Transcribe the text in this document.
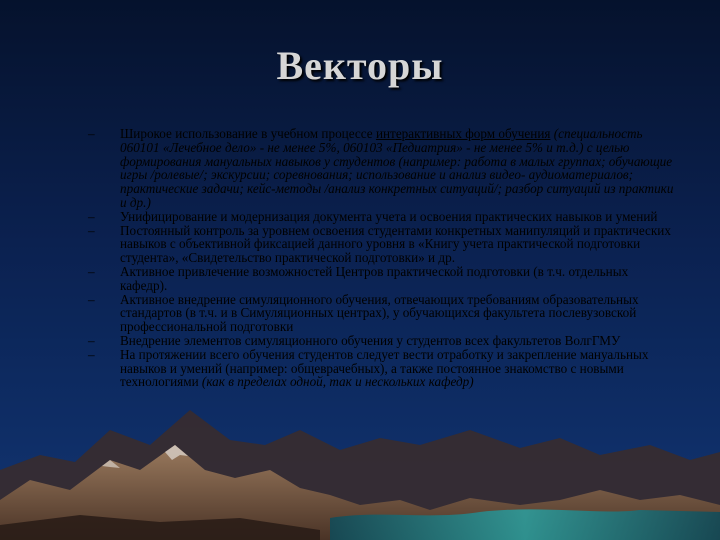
Векторы
–	Широкое использование в учебном процессе интерактивных форм обучения (специальность 060101 «Лечебное дело» - не менее 5%, 060103 «Педиатрия» - не менее 5% и т.д.) с целью формирования мануальных навыков у студентов (например: работа в малых группах; обучающие игры /ролевые/; экскурсии; соревнования; использование и анализ видео- аудиоматериалов; практические задачи; кейс-методы /анализ конкретных ситуаций/; разбор ситуаций из практики и др.)
–	Унифицирование и модернизация документа учета и освоения практических навыков и умений
–	Постоянный контроль за уровнем освоения студентами конкретных манипуляций и практических навыков с объективной фиксацией данного уровня в «Книгу учета практической подготовки студента», «Свидетельство практической подготовки» и др.
–	Активное привлечение возможностей Центров практической подготовки (в т.ч. отдельных кафедр).
–	Активное внедрение симуляционного обучения, отвечающих требованиям образовательных стандартов (в т.ч. и в Симуляционных центрах), у обучающихся факультета послевузовской профессиональной подготовки
–	Внедрение элементов симуляционного обучения у студентов всех факультетов ВолгГМУ
–	На протяжении всего обучения студентов следует вести отработку и закрепление мануальных навыков и умений (например: общеврачебных), а также постоянное знакомство с новыми технологиями (как в пределах одной, так и нескольких кафедр)
